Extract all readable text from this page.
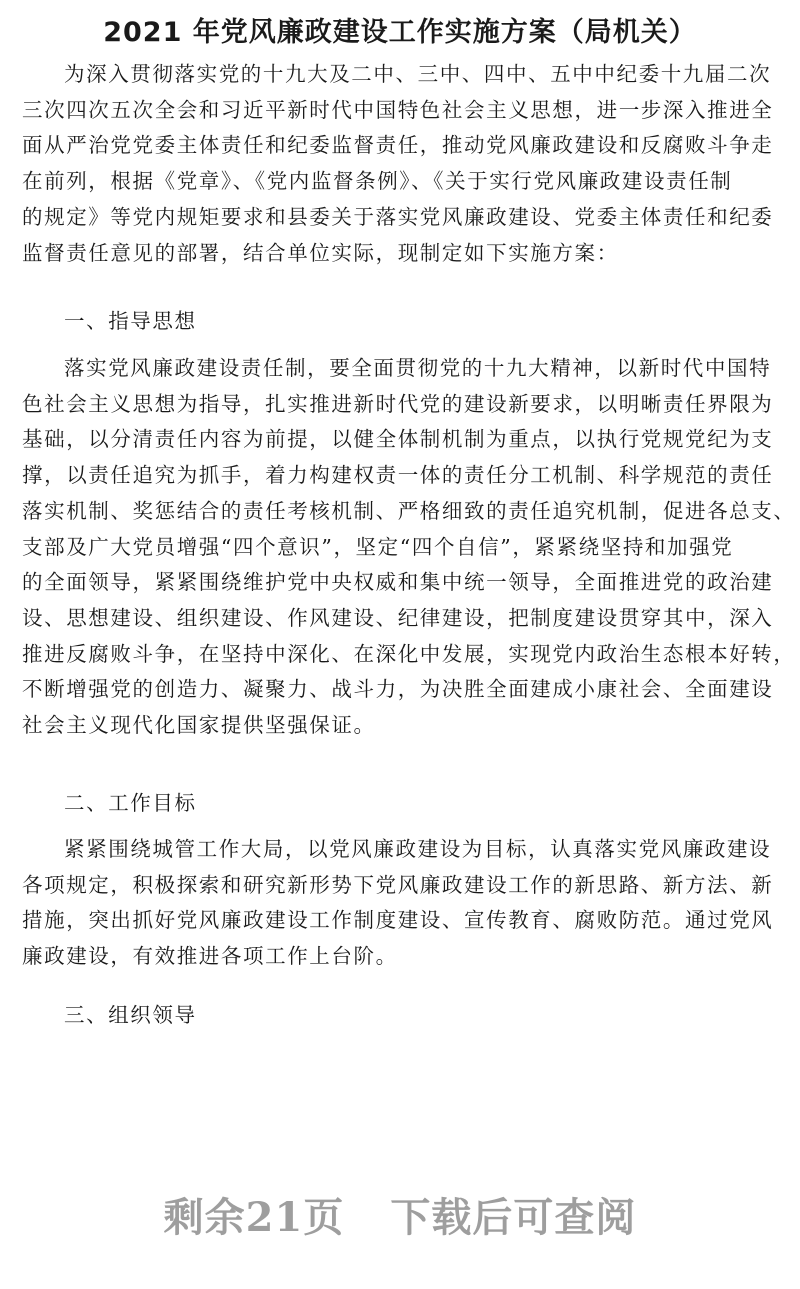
2021 年党风廉政建设工作实施方案（局机关）
为深入贯彻落实党的十九大及二中、三中、四中、五中中纪委十九届二次
三次四次五次全会和习近平新时代中国特色社会主义思想，进一步深入推进全
面从严治党党委主体责任和纪委监督责任，推动党风廉政建设和反腐败斗争走
在前列，根据《党章》、《党内监督条例》、《关于实行党风廉政建设责任制
的规定》等党内规矩要求和县委关于落实党风廉政建设、党委主体责任和纪委
监督责任意见的部署，结合单位实际，现制定如下实施方案：
一、指导思想
落实党风廉政建设责任制，要全面贯彻党的十九大精神，以新时代中国特
色社会主义思想为指导，扎实推进新时代党的建设新要求，以明晰责任界限为
基础，以分清责任内容为前提，以健全体制机制为重点，以执行党规党纪为支
撑，以责任追究为抓手，着力构建权责一体的责任分工机制、科学规范的责任
落实机制、奖惩结合的责任考核机制、严格细致的责任追究机制，促进各总支、
支部及广大党员增强“四个意识”，坚定“四个自信”，紧紧绕坚持和加强党
的全面领导，紧紧围绕维护党中央权威和集中统一领导，全面推进党的政治建
设、思想建设、组织建设、作风建设、纪律建设，把制度建设贯穿其中，深入
推进反腐败斗争，在坚持中深化、在深化中发展，实现党内政治生态根本好转，
不断增强党的创造力、凝聚力、战斗力，为决胜全面建成小康社会、全面建设
社会主义现代化国家提供坚强保证。
二、工作目标
紧紧围绕城管工作大局，以党风廉政建设为目标，认真落实党风廉政建设
各项规定，积极探索和研究新形势下党风廉政建设工作的新思路、新方法、新
措施，突出抓好党风廉政建设工作制度建设、宣传教育、腐败防范。通过党风
廉政建设，有效推进各项工作上台阶。
三、组织领导
剩余21页 下载后可查阅
